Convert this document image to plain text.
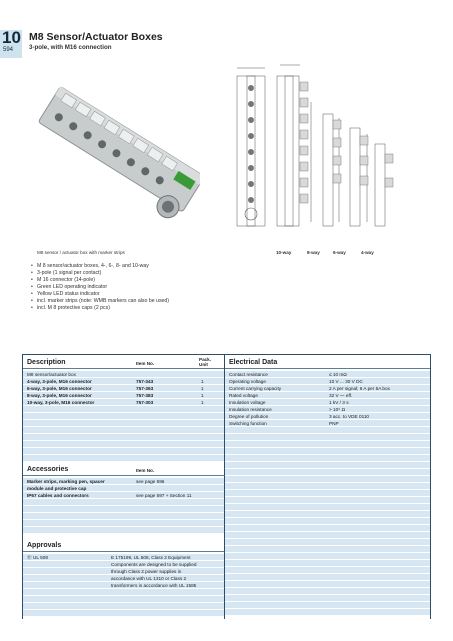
10
594
M8 Sensor/Actuator Boxes
3-pole, with M16 connection
M8 sensor / actuator box with marker strips	10-way	8-way	6-way	4-way
• M 8 sensor/actuator boxes, 4-, 6-, 8- and 10-way
• 3-pole (1 signal per contact)
• M 16 connector (14-pole)
• Green LED operating indicator
• Yellow LED status indicator
• incl. marker strips (note: WMB markers can also be used)
• incl. M 8 protective caps (2 pcs)
Description	Item No.
Pack. Unit
M8 sensor/actuator box
4-way, 3-pole, M16 connector	757-343	1
6-way, 3-pole, M16 connector	757-363	1
8-way, 3-pole, M16 connector	757-383	1
10-way, 3-pole, M16 connector	757-303	1
Accessories	Item No.
Marker strips, marking pen, spacer	see page 596
module and protective cap
IP67 cables and connectors	see page 597 + Section 11
Approvals
Ⓡ UL 508	E 175199, UL 508, Class 2 Equipment
Components are designed to be supplied
through Class 2 power supplies in
accordance with UL 1310 or Class 2
transformers in accordance with UL 1585
Electrical Data
Contact resistance	≤ 10 mΩ
Operating voltage	10 V ... 30 V DC
Current carrying capacity	2 A per signal; 6 A per 5A box
Rated voltage	32 V ⁓ eff.
Insulation voltage	1 kV / 3 s
Insulation resistance	> 10⁹ Ω
Degree of pollution	3 acc. to VDE 0110
Switching function	PNP
